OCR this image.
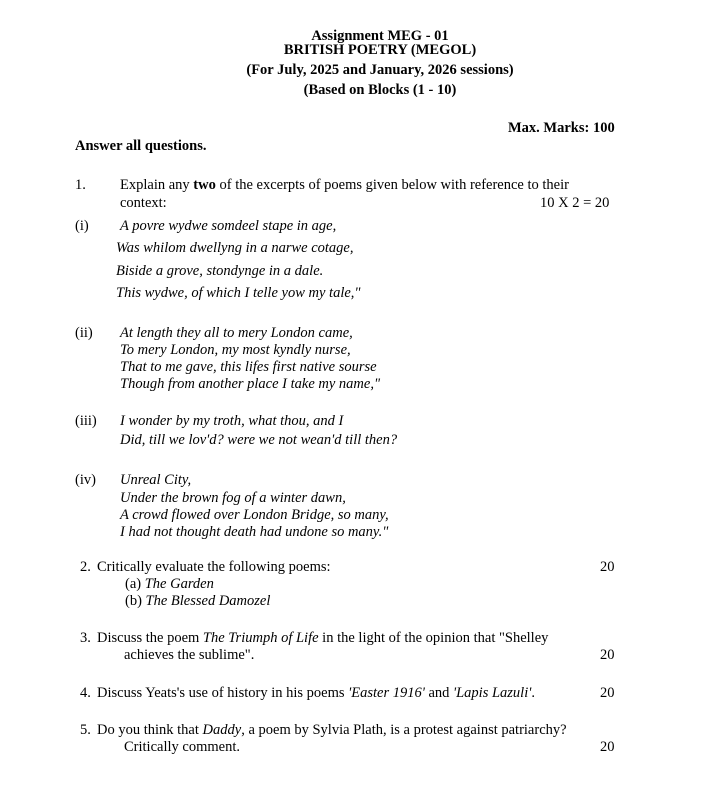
Assignment MEG - 01
BRITISH POETRY (MEGOL)
(For July, 2025 and January, 2026 sessions)
(Based on Blocks (1 - 10)
Max. Marks: 100
Answer all questions.
1. Explain any two of the excerpts of poems given below with reference to their
context:	10 X 2 = 20
(i) A povre wydwe somdeel stape in age,
Was whilom dwellyng in a narwe cotage,
Biside a grove, stondynge in a dale.
This wydwe, of which I telle yow my tale,"
(ii) At length they all to mery London came,
To mery London, my most kyndly nurse,
That to me gave, this lifes first native sourse
Though from another place I take my name,"
(iii) I wonder by my troth, what thou, and I
Did, till we lov'd? were we not wean'd till then?
(iv) Unreal City,
Under the brown fog of a winter dawn,
A crowd flowed over London Bridge, so many,
I had not thought death had undone so many."
2. Critically evaluate the following poems:	20
(a) The Garden
(b) The Blessed Damozel
3. Discuss the poem The Triumph of Life in the light of the opinion that "Shelley
achieves the sublime".	20
4. Discuss Yeats's use of history in his poems 'Easter 1916' and 'Lapis Lazuli'.	20
5. Do you think that Daddy, a poem by Sylvia Plath, is a protest against patriarchy?
Critically comment.	20
